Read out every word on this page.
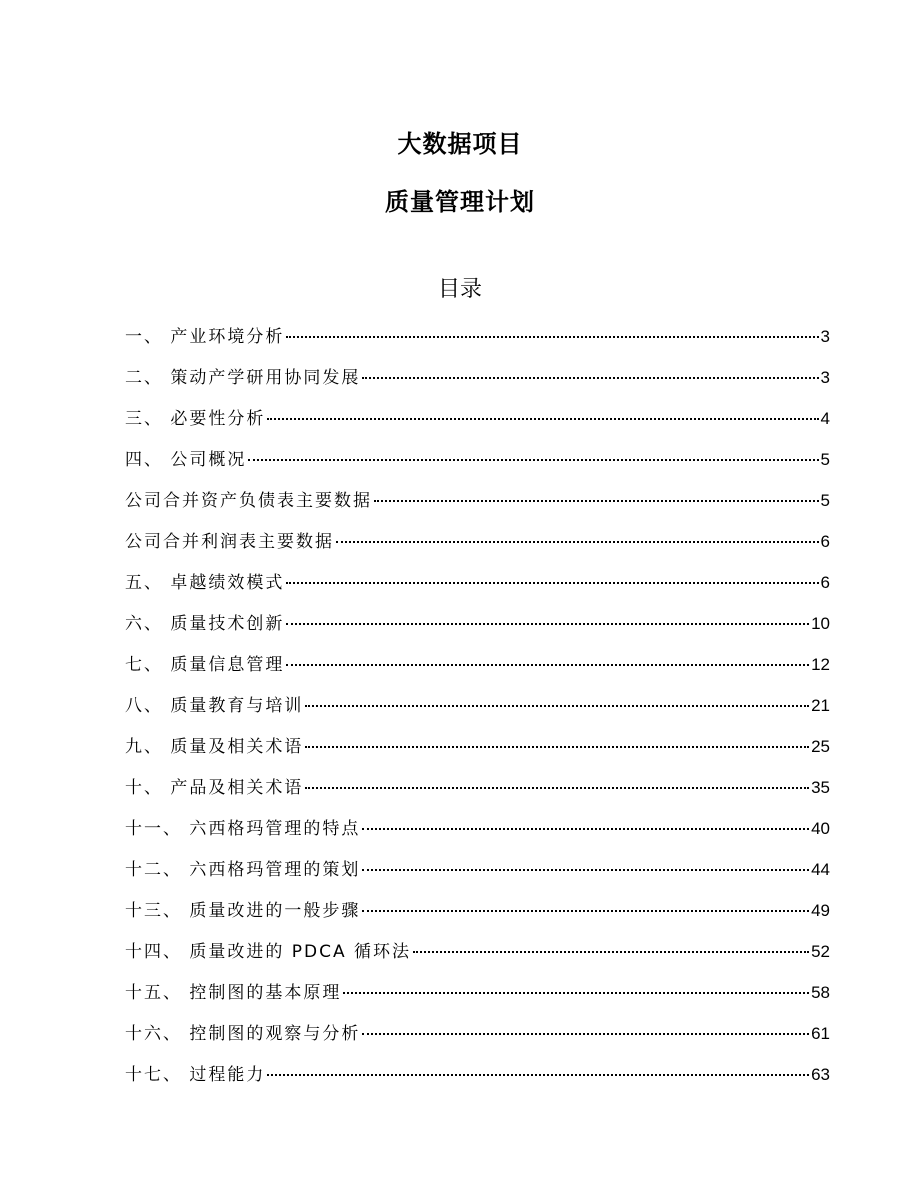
大数据项目
质量管理计划
目录
一、 产业环境分析	3
二、 策动产学研用协同发展	3
三、 必要性分析	4
四、 公司概况	5
公司合并资产负债表主要数据	5
公司合并利润表主要数据	6
五、 卓越绩效模式	6
六、 质量技术创新	10
七、 质量信息管理	12
八、 质量教育与培训	21
九、 质量及相关术语	25
十、 产品及相关术语	35
十一、 六西格玛管理的特点	40
十二、 六西格玛管理的策划	44
十三、 质量改进的一般步骤	49
十四、 质量改进的 PDCA 循环法	52
十五、 控制图的基本原理	58
十六、 控制图的观察与分析	61
十七、 过程能力	63
